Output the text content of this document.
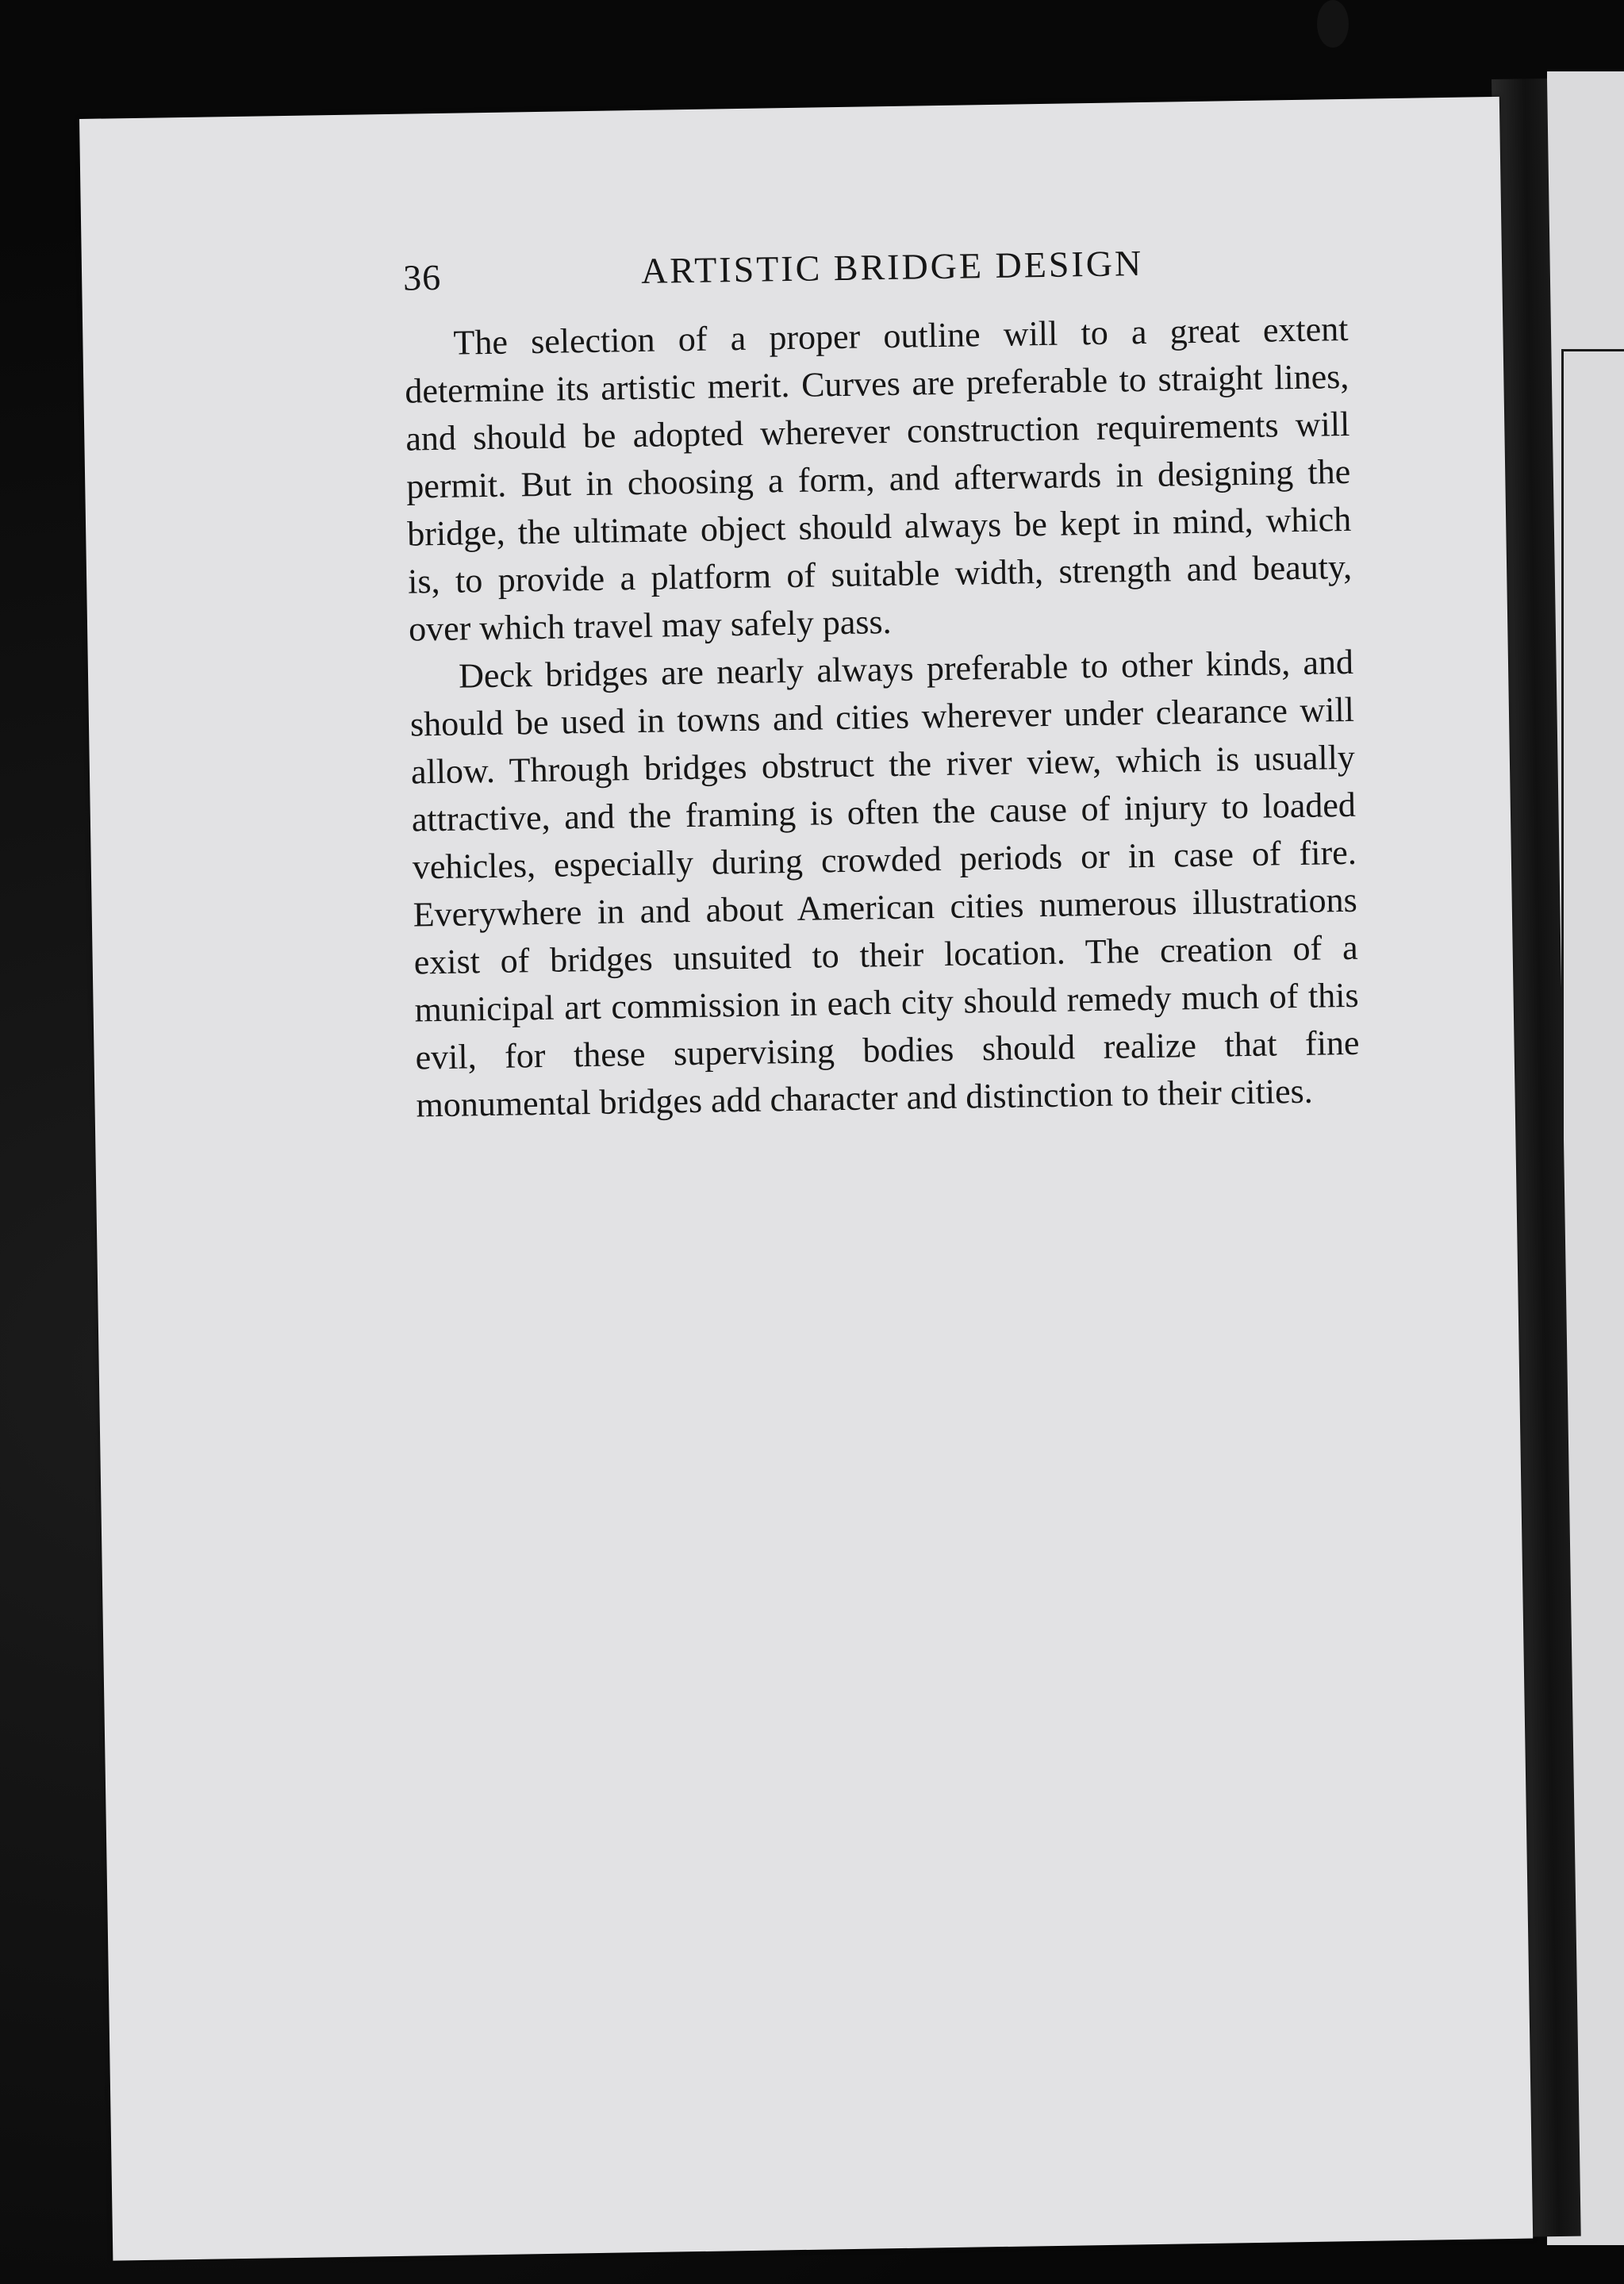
36	ARTISTIC BRIDGE DESIGN

The selection of a proper outline will to a great extent determine its artistic merit. Curves are preferable to straight lines, and should be adopted wherever construction requirements will permit. But in choosing a form, and afterwards in designing the bridge, the ultimate object should always be kept in mind, which is, to provide a platform of suitable width, strength and beauty, over which travel may safely pass.

Deck bridges are nearly always preferable to other kinds, and should be used in towns and cities wherever under clearance will allow. Through bridges obstruct the river view, which is usually attractive, and the framing is often the cause of injury to loaded vehicles, especially during crowded periods or in case of fire. Everywhere in and about American cities numerous illustrations exist of bridges unsuited to their location. The creation of a municipal art commission in each city should remedy much of this evil, for these supervising bodies should realize that fine monumental bridges add character and distinction to their cities.
